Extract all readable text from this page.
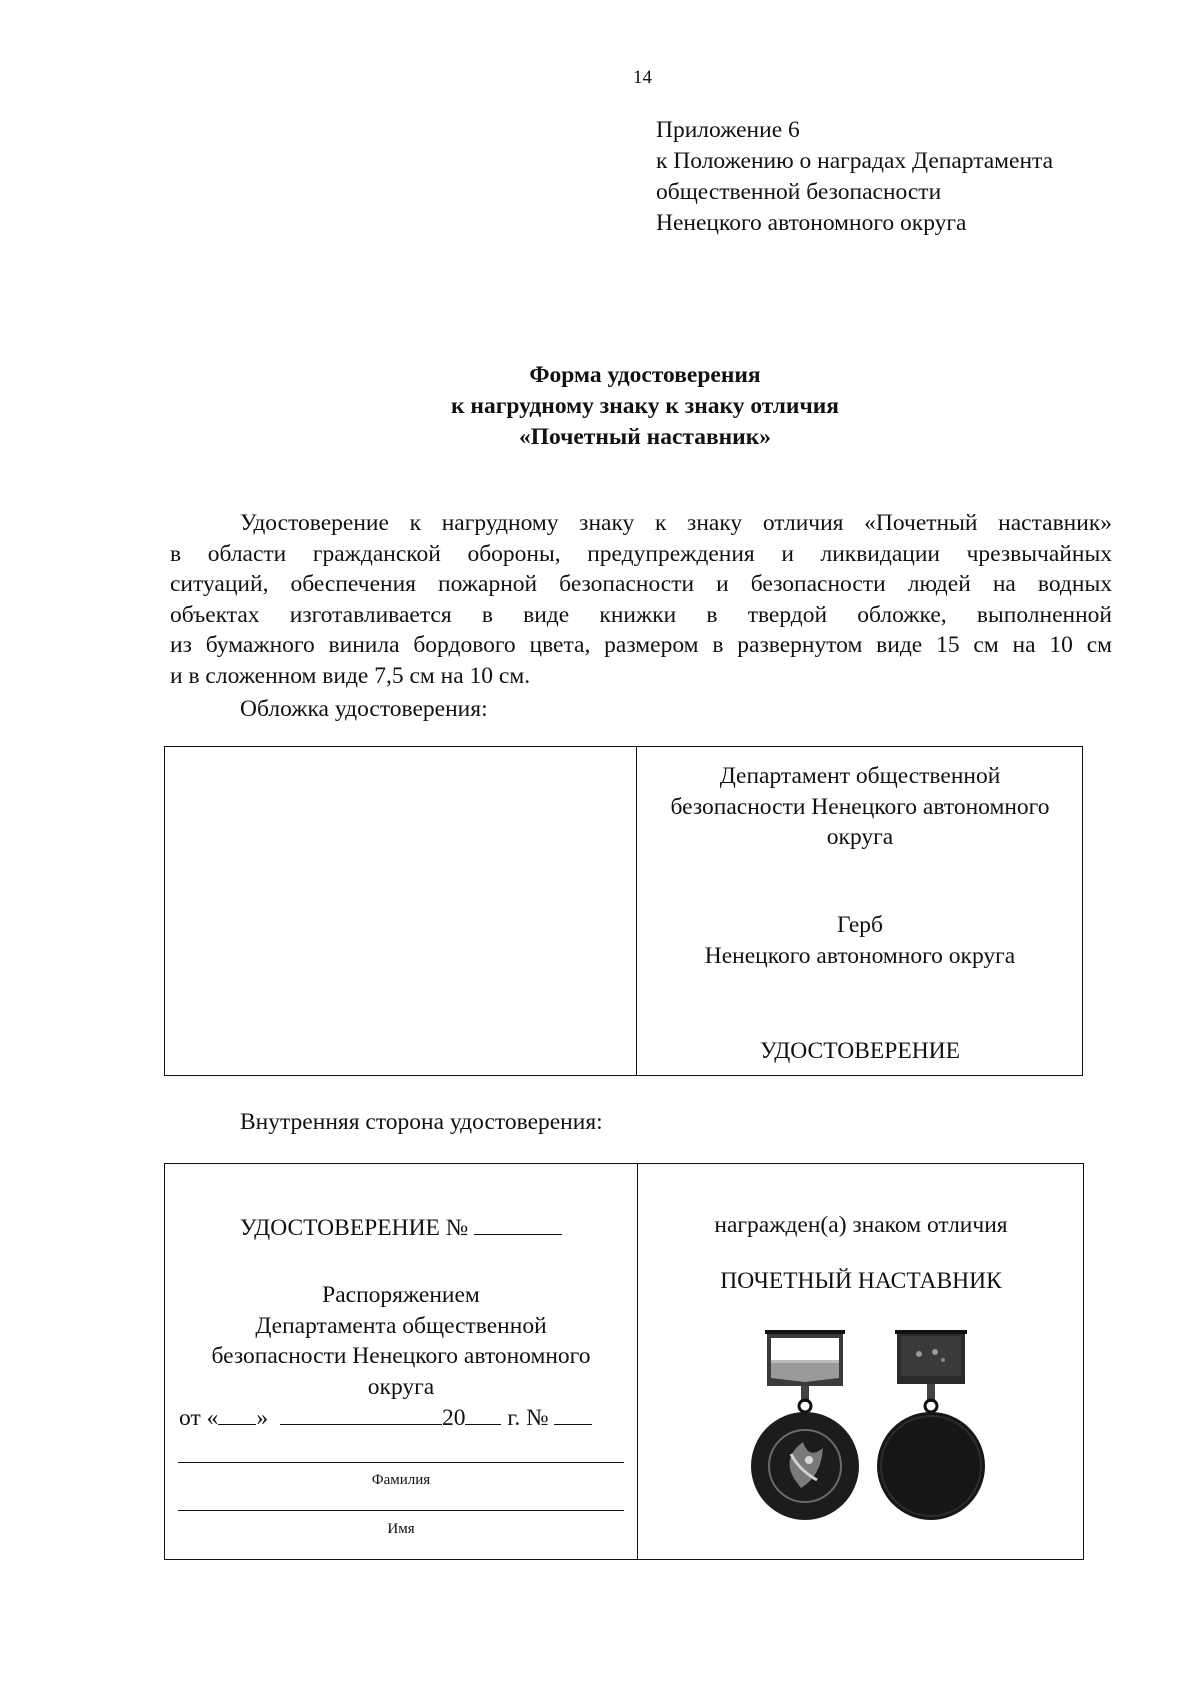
14
Приложение 6
к Положению о наградах Департамента
общественной безопасности
Ненецкого автономного округа
Форма удостоверения
к нагрудному знаку к знаку отличия
«Почетный наставник»
Удостоверение к нагрудному знаку к знаку отличия «Почетный наставник»
в области гражданской обороны, предупреждения и ликвидации чрезвычайных
ситуаций, обеспечения пожарной безопасности и безопасности людей на водных
объектах изготавливается в виде книжки в твердой обложке, выполненной
из бумажного винила бордового цвета, размером в развернутом виде 15 см на 10 см
и в сложенном виде 7,5 см на 10 см.
Обложка удостоверения:
Департамент общественной
безопасности Ненецкого автономного
округа
Герб
Ненецкого автономного округа
УДОСТОВЕРЕНИЕ
Внутренняя сторона удостоверения:
УДОСТОВЕРЕНИЕ №
Распоряжением
Департамента общественной
безопасности Ненецкого автономного
округа
от « »	20 г. №
Фамилия
Имя
награжден(а) знаком отличия
ПОЧЕТНЫЙ НАСТАВНИК
